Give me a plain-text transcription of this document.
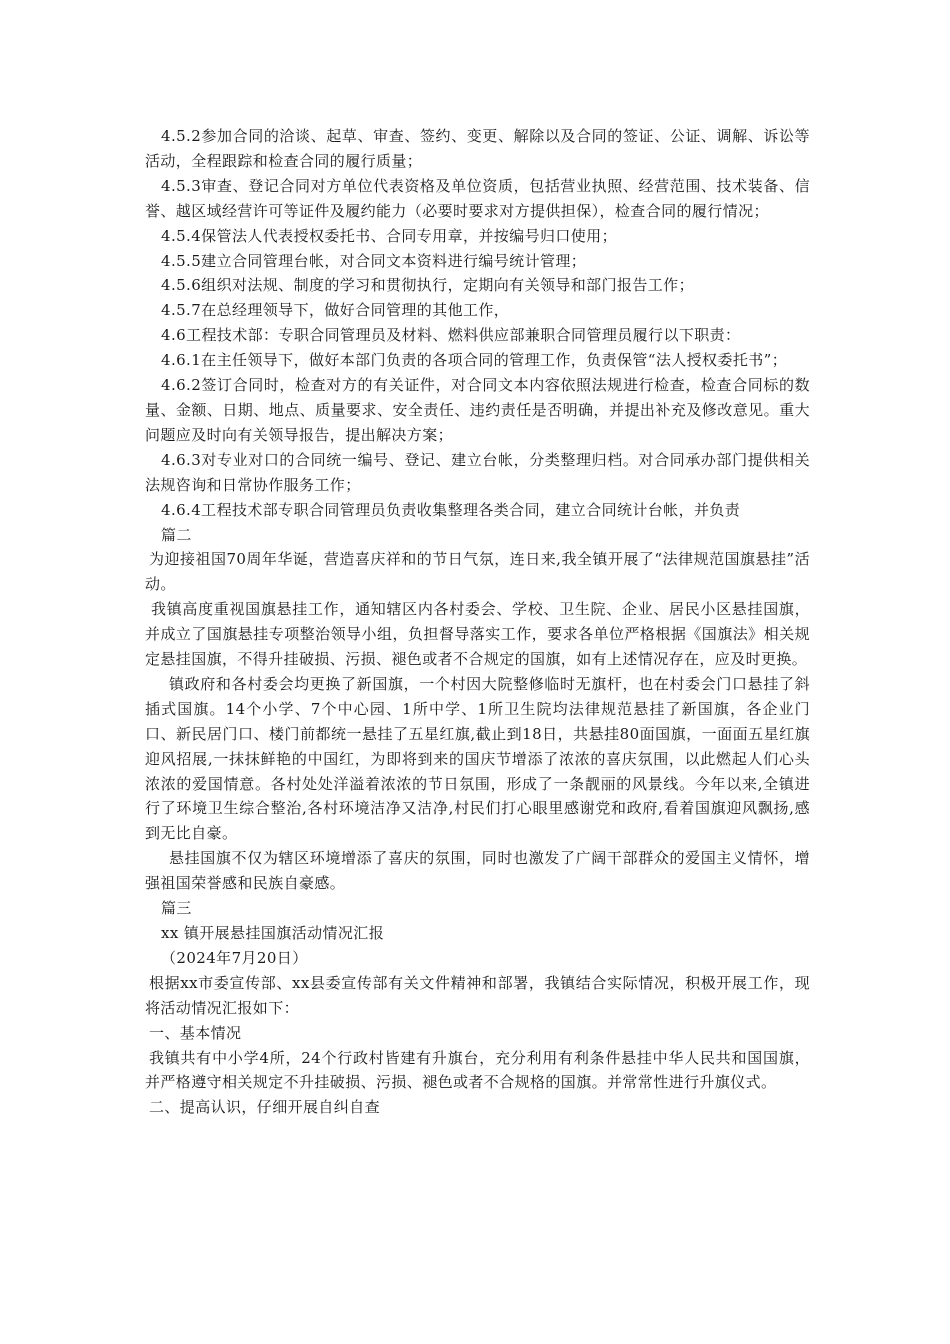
4.5.2参加合同的洽谈、起草、审查、签约、变更、解除以及合同的签证、公证、调解、诉讼等活动，全程跟踪和检查合同的履行质量；

4.5.3审查、登记合同对方单位代表资格及单位资质，包括营业执照、经营范围、技术装备、信誉、越区域经营许可等证件及履约能力（必要时要求对方提供担保），检查合同的履行情况；

4.5.4保管法人代表授权委托书、合同专用章，并按编号归口使用；

4.5.5建立合同管理台帐，对合同文本资料进行编号统计管理；

4.5.6组织对法规、制度的学习和贯彻执行，定期向有关领导和部门报告工作；

4.5.7在总经理领导下，做好合同管理的其他工作，

4.6工程技术部：专职合同管理员及材料、燃料供应部兼职合同管理员履行以下职责：

4.6.1在主任领导下，做好本部门负责的各项合同的管理工作，负责保管“法人授权委托书”；

4.6.2签订合同时，检查对方的有关证件，对合同文本内容依照法规进行检查，检查合同标的数量、金额、日期、地点、质量要求、安全责任、违约责任是否明确，并提出补充及修改意见。重大问题应及时向有关领导报告，提出解决方案；

4.6.3对专业对口的合同统一编号、登记、建立台帐，分类整理归档。对合同承办部门提供相关法规咨询和日常协作服务工作；

4.6.4工程技术部专职合同管理员负责收集整理各类合同，建立合同统计台帐，并负责

篇二

为迎接祖国70周年华诞，营造喜庆祥和的节日气氛，连日来,我全镇开展了“法律规范国旗悬挂”活动。

我镇高度重视国旗悬挂工作，通知辖区内各村委会、学校、卫生院、企业、居民小区悬挂国旗，并成立了国旗悬挂专项整治领导小组，负担督导落实工作，要求各单位严格根据《国旗法》相关规定悬挂国旗，不得升挂破损、污损、褪色或者不合规定的国旗，如有上述情况存在，应及时更换。

镇政府和各村委会均更换了新国旗，一个村因大院整修临时无旗杆，也在村委会门口悬挂了斜插式国旗。14个小学、7个中心园、1所中学、1所卫生院均法律规范悬挂了新国旗，各企业门口、新民居门口、楼门前都统一悬挂了五星红旗,截止到18日，共悬挂80面国旗，一面面五星红旗迎风招展,一抹抹鲜艳的中国红，为即将到来的国庆节增添了浓浓的喜庆氛围，以此燃起人们心头浓浓的爱国情意。各村处处洋溢着浓浓的节日氛围，形成了一条靓丽的风景线。今年以来,全镇进行了环境卫生综合整治,各村环境洁净又洁净,村民们打心眼里感谢党和政府,看着国旗迎风飘扬,感到无比自豪。

悬挂国旗不仅为辖区环境增添了喜庆的氛围，同时也激发了广阔干部群众的爱国主义情怀，增强祖国荣誉感和民族自豪感。

篇三

xx 镇开展悬挂国旗活动情况汇报

（2024年7月20日）

根据xx市委宣传部、xx县委宣传部有关文件精神和部署，我镇结合实际情况，积极开展工作，现将活动情况汇报如下：

一、基本情况

我镇共有中小学4所，24个行政村皆建有升旗台，充分利用有利条件悬挂中华人民共和国国旗，并严格遵守相关规定不升挂破损、污损、褪色或者不合规格的国旗。并常常性进行升旗仪式。

二、提高认识，仔细开展自纠自查
